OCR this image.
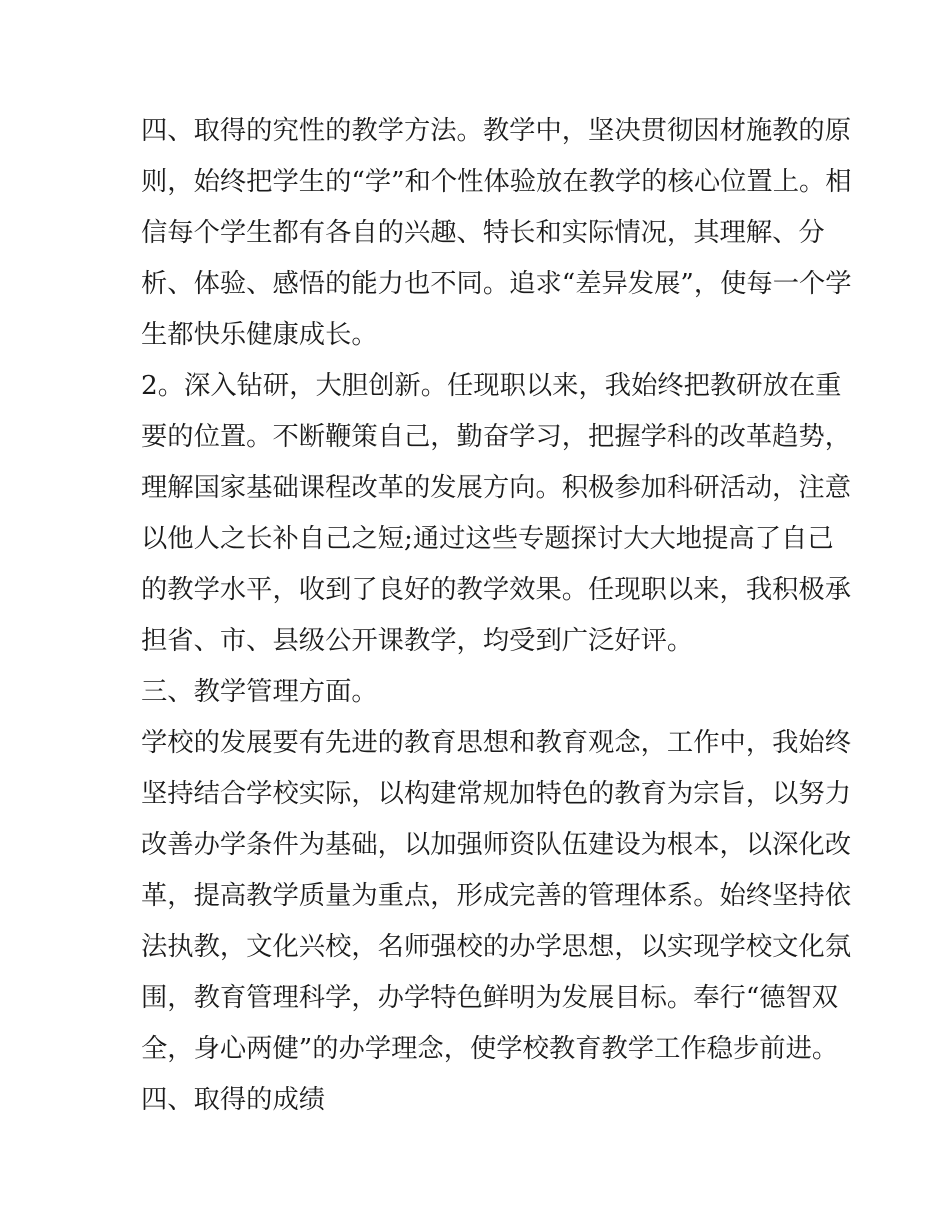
四、取得的究性的教学方法。教学中，坚决贯彻因材施教的原
则，始终把学生的“学”和个性体验放在教学的核心位置上。相
信每个学生都有各自的兴趣、特长和实际情况，其理解、分
析、体验、感悟的能力也不同。追求“差异发展”，使每一个学
生都快乐健康成长。
2。深入钻研，大胆创新。任现职以来，我始终把教研放在重
要的位置。不断鞭策自己，勤奋学习，把握学科的改革趋势，
理解国家基础课程改革的发展方向。积极参加科研活动，注意
以他人之长补自己之短;通过这些专题探讨大大地提高了自己
的教学水平，收到了良好的教学效果。任现职以来，我积极承
担省、市、县级公开课教学，均受到广泛好评。
三、教学管理方面。
学校的发展要有先进的教育思想和教育观念，工作中，我始终
坚持结合学校实际，以构建常规加特色的教育为宗旨，以努力
改善办学条件为基础，以加强师资队伍建设为根本，以深化改
革，提高教学质量为重点，形成完善的管理体系。始终坚持依
法执教，文化兴校，名师强校的办学思想，以实现学校文化氛
围，教育管理科学，办学特色鲜明为发展目标。奉行“德智双
全，身心两健”的办学理念，使学校教育教学工作稳步前进。
四、取得的成绩
